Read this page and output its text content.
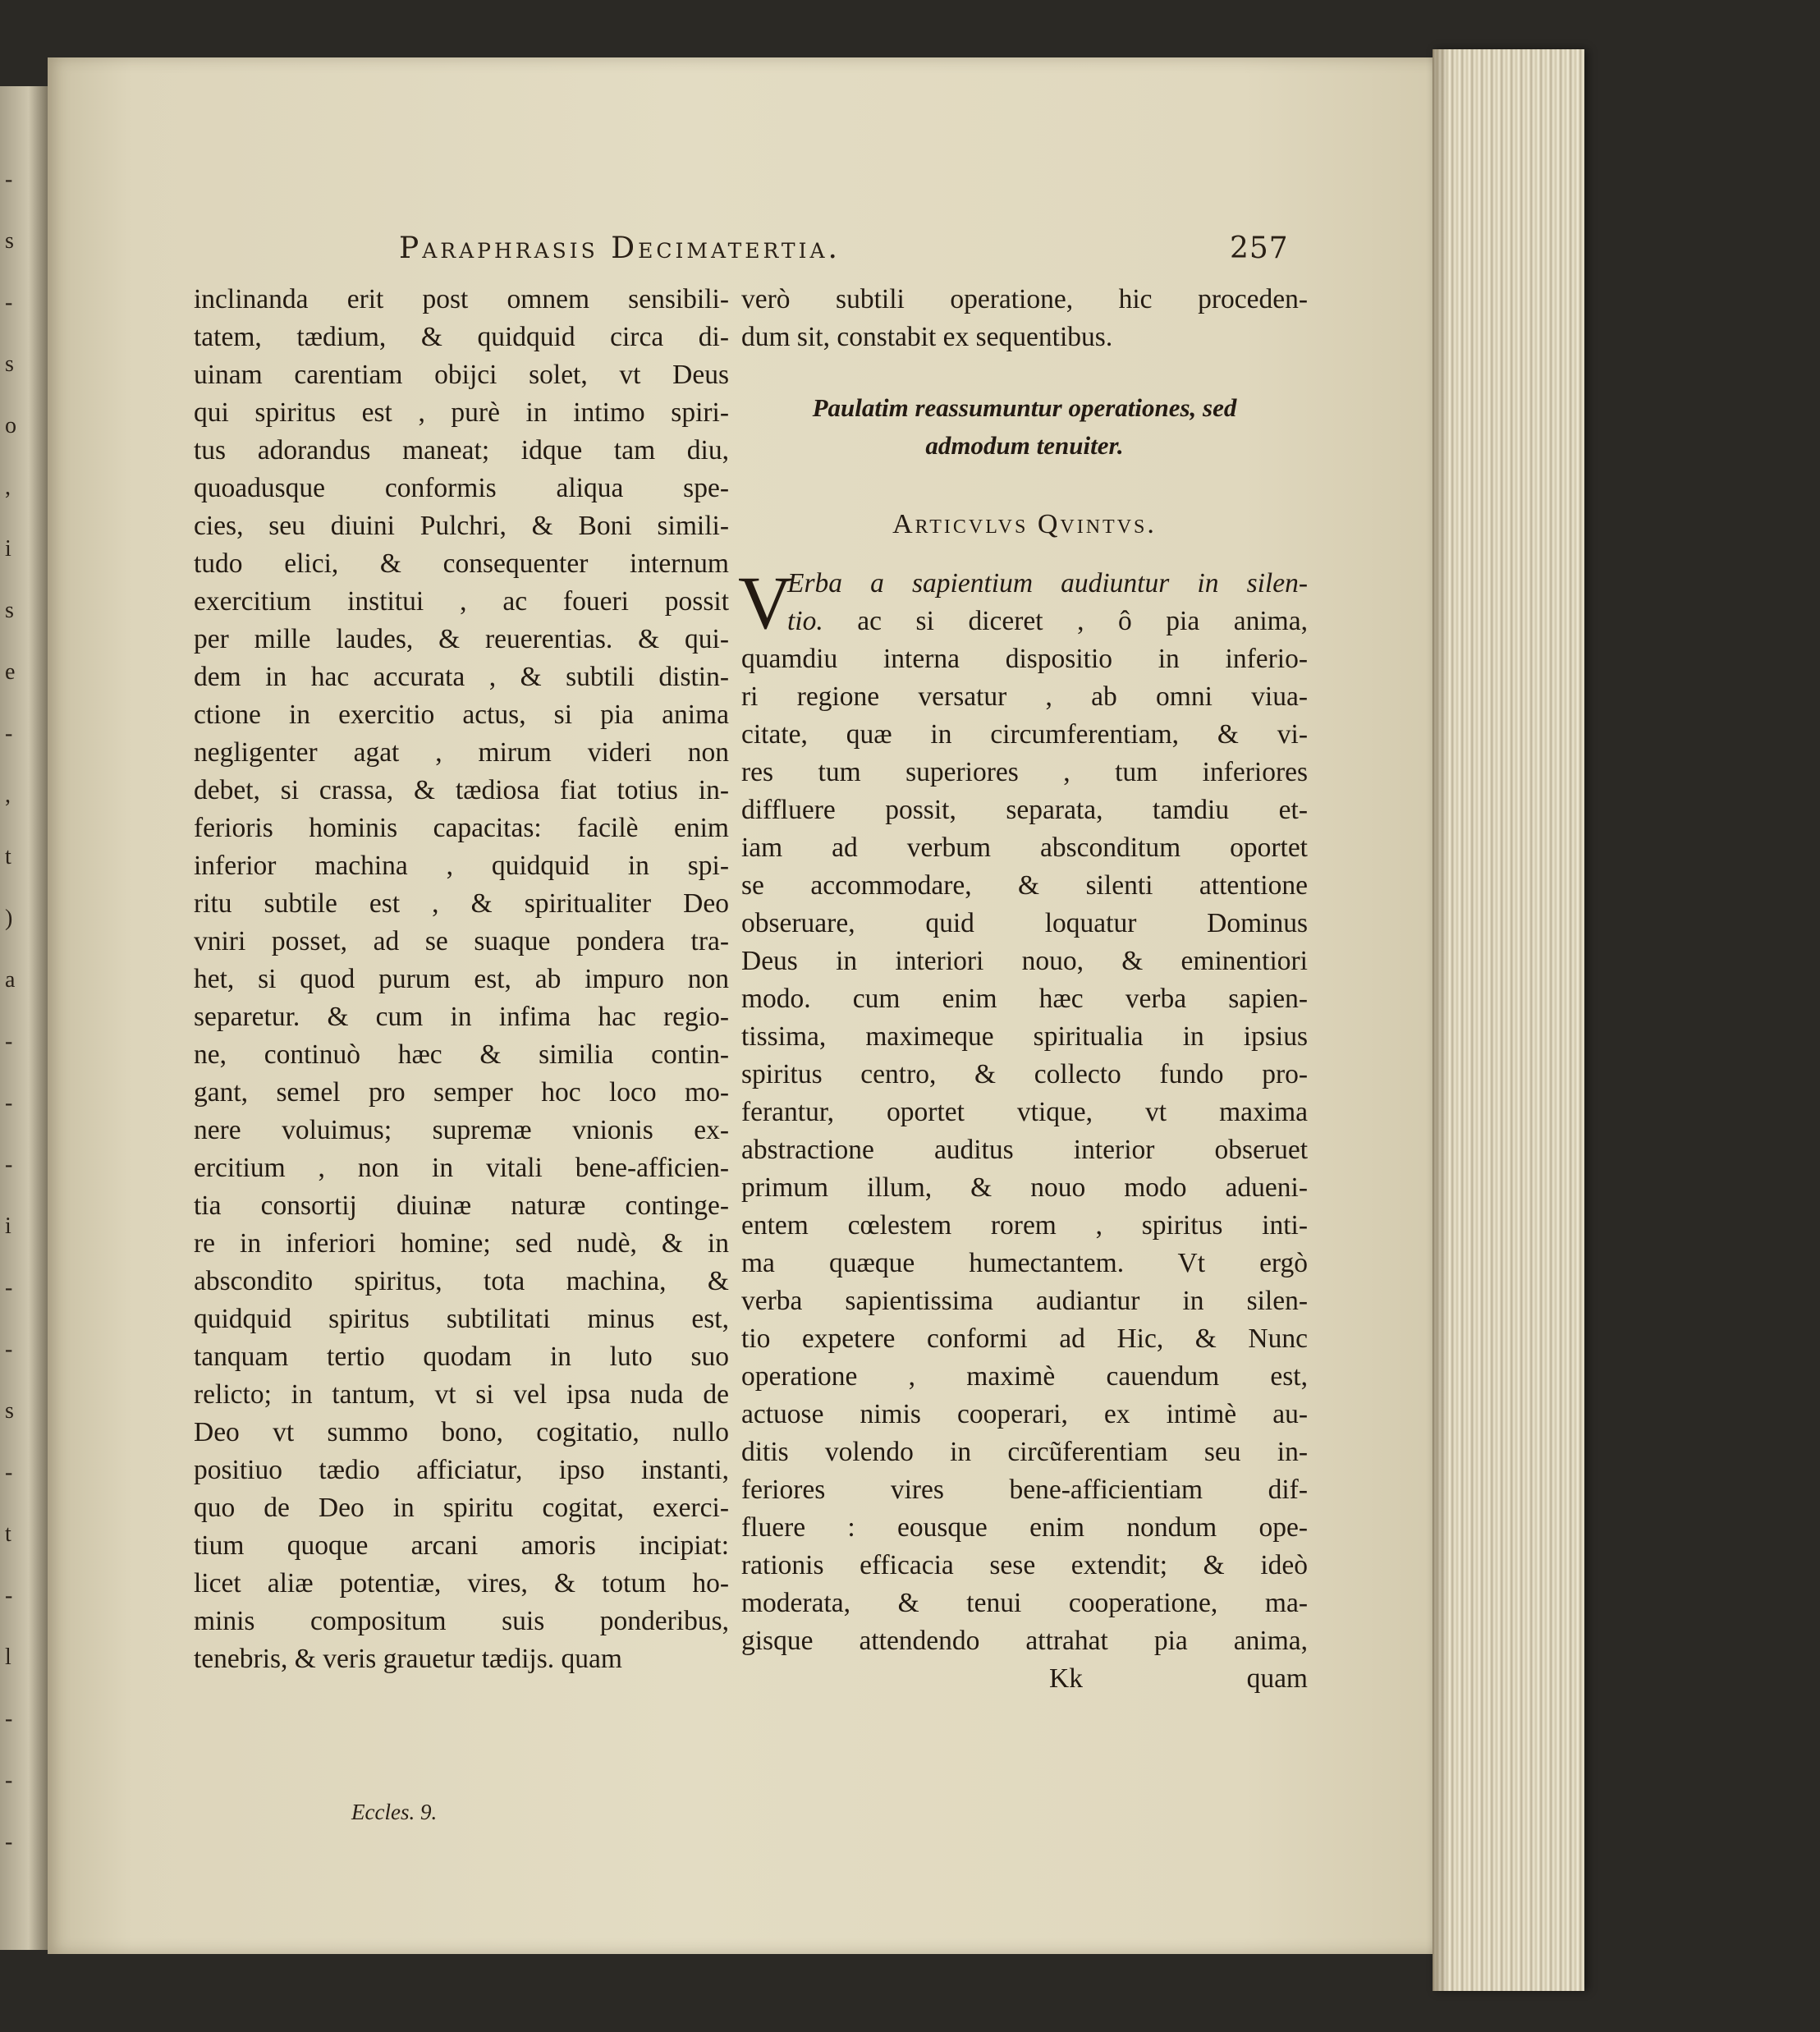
-
s
-
s
o
,
i
s
e
-
,
t
)
a
-
-
-
i
-
-
s
-
t
-
l
-
-
-
Paraphrasis Decimatertia.	257
inclinanda erit post omnem sensibili-
tatem, tædium, & quidquid circa di-
uinam carentiam obijci solet, vt Deus
qui spiritus est , purè in intimo spiri-
tus adorandus maneat; idque tam diu,
quoadusque conformis aliqua spe-
cies, seu diuini Pulchri, & Boni simili-
tudo elici, & consequenter internum
exercitium institui , ac foueri possit
per mille laudes, & reuerentias. & qui-
dem in hac accurata , & subtili distin-
ctione in exercitio actus, si pia anima
negligenter agat , mirum videri non
debet, si crassa, & tædiosa fiat totius in-
ferioris hominis capacitas: facilè enim
inferior machina , quidquid in spi-
ritu subtile est , & spiritualiter Deo
vniri posset, ad se suaque pondera tra-
het, si quod purum est, ab impuro non
separetur. & cum in infima hac regio-
ne, continuò hæc & similia contin-
gant, semel pro semper hoc loco mo-
nere voluimus; supremæ vnionis ex-
ercitium , non in vitali bene-afficien-
tia consortij diuinæ naturæ continge-
re in inferiori homine; sed nudè, & in
abscondito spiritus, tota machina, &
quidquid spiritus subtilitati minus est,
tanquam tertio quodam in luto suo
relicto; in tantum, vt si vel ipsa nuda de
Deo vt summo bono, cogitatio, nullo
positiuo tædio afficiatur, ipso instanti,
quo de Deo in spiritu cogitat, exerci-
tium quoque arcani amoris incipiat:
licet aliæ potentiæ, vires, & totum ho-
minis compositum suis ponderibus,
tenebris, & veris grauetur tædijs. quam
verò subtili operatione, hic proceden-
dum sit, constabit ex sequentibus.
Paulatim reassumuntur operationes, sed
admodum tenuiter.
Articvlvs Qvintvs.
V
Erba a sapientium audiuntur in silen-
tio. ac si diceret , ô pia anima,
quamdiu interna dispositio in inferio-
ri regione versatur , ab omni viua-
citate, quæ in circumferentiam, & vi-
res tum superiores , tum inferiores
diffluere possit, separata, tamdiu et-
iam ad verbum absconditum oportet
se accommodare, & silenti attentione
obseruare, quid loquatur Dominus
Deus in interiori nouo, & eminentiori
modo. cum enim hæc verba sapien-
tissima, maximeque spiritualia in ipsius
spiritus centro, & collecto fundo pro-
ferantur, oportet vtique, vt maxima
abstractione auditus interior obseruet
primum illum, & nouo modo adueni-
entem cœlestem rorem , spiritus inti-
ma quæque humectantem. Vt ergò
verba sapientissima audiantur in silen-
tio expetere conformi ad Hic, & Nunc
operatione , maximè cauendum est,
actuose nimis cooperari, ex intimè au-
ditis volendo in circũferentiam seu in-
feriores vires bene-afficientiam dif-
fluere : eousque enim nondum ope-
rationis efficacia sese extendit; & ideò
moderata, & tenui cooperatione, ma-
gisque attendendo attrahat pia anima,
Kk	quam
Eccles. 9.
